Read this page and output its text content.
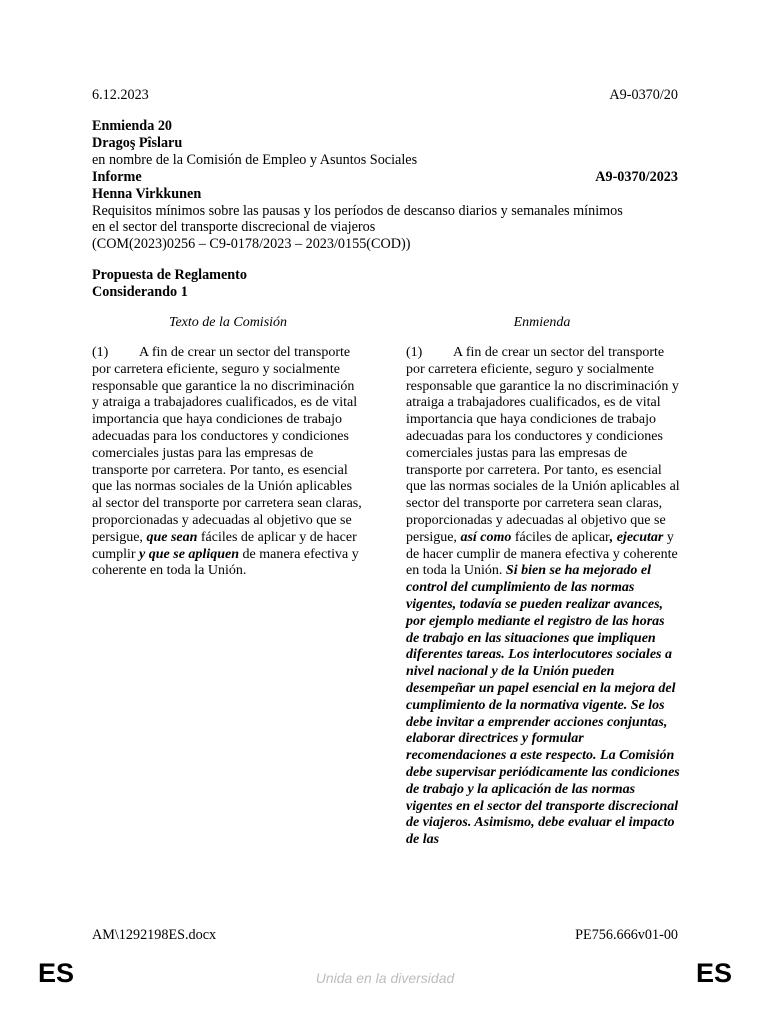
6.12.2023	A9-0370/20
Enmienda 20
Dragoş Pîslaru
en nombre de la Comisión de Empleo y Asuntos Sociales
Informe	A9-0370/2023
Henna Virkkunen
Requisitos mínimos sobre las pausas y los períodos de descanso diarios y semanales mínimos
en el sector del transporte discrecional de viajeros
(COM(2023)0256 – C9-0178/2023 – 2023/0155(COD))
Propuesta de Reglamento
Considerando 1
Texto de la Comisión	Enmienda
(1) A fin de crear un sector del transporte por carretera eficiente, seguro y socialmente responsable que garantice la no discriminación y atraiga a trabajadores cualificados, es de vital importancia que haya condiciones de trabajo adecuadas para los conductores y condiciones comerciales justas para las empresas de transporte por carretera. Por tanto, es esencial que las normas sociales de la Unión aplicables al sector del transporte por carretera sean claras, proporcionadas y adecuadas al objetivo que se persigue, que sean fáciles de aplicar y de hacer cumplir y que se apliquen de manera efectiva y coherente en toda la Unión.
(1) A fin de crear un sector del transporte por carretera eficiente, seguro y socialmente responsable que garantice la no discriminación y atraiga a trabajadores cualificados, es de vital importancia que haya condiciones de trabajo adecuadas para los conductores y condiciones comerciales justas para las empresas de transporte por carretera. Por tanto, es esencial que las normas sociales de la Unión aplicables al sector del transporte por carretera sean claras, proporcionadas y adecuadas al objetivo que se persigue, así como fáciles de aplicar, ejecutar y de hacer cumplir de manera efectiva y coherente en toda la Unión. Si bien se ha mejorado el control del cumplimiento de las normas vigentes, todavía se pueden realizar avances, por ejemplo mediante el registro de las horas de trabajo en las situaciones que impliquen diferentes tareas. Los interlocutores sociales a nivel nacional y de la Unión pueden desempeñar un papel esencial en la mejora del cumplimiento de la normativa vigente. Se los debe invitar a emprender acciones conjuntas, elaborar directrices y formular recomendaciones a este respecto. La Comisión debe supervisar periódicamente las condiciones de trabajo y la aplicación de las normas vigentes en el sector del transporte discrecional de viajeros. Asimismo, debe evaluar el impacto de las
AM\1292198ES.docx	PE756.666v01-00
ES	ES
Unida en la diversidad
